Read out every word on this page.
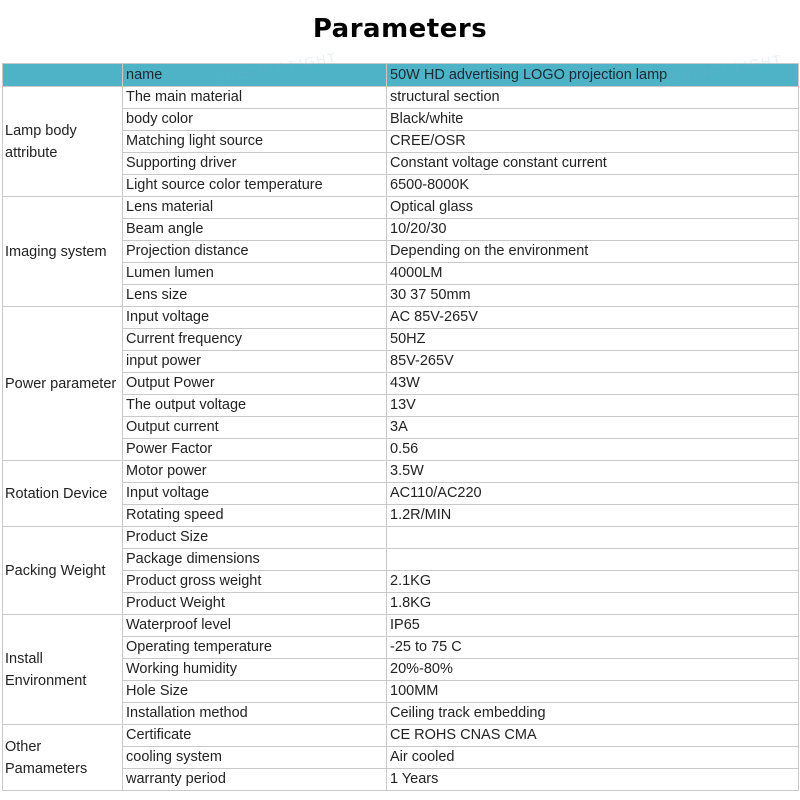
Parameters
	name	50W HD advertising LOGO projection lamp
Lamp body attribute	The main material	structural section
	body color	Black/white
	Matching light source	CREE/OSR
	Supporting driver	Constant voltage constant current
	Light source color temperature	6500-8000K
Imaging system	Lens material	Optical glass
	Beam angle	10/20/30
	Projection distance	Depending on the environment
	Lumen lumen	4000LM
	Lens size	30 37 50mm
Power parameter	Input voltage	AC 85V-265V
	Current frequency	50HZ
	input power	85V-265V
	Output Power	43W
	The output voltage	13V
	Output current	3A
	Power Factor	0.56
Rotation Device	Motor power	3.5W
	Input voltage	AC110/AC220
	Rotating speed	1.2R/MIN
Packing Weight	Product Size	
	Package dimensions	
	Product gross weight	2.1KG
	Product Weight	1.8KG
Install Environment	Waterproof level	IP65
	Operating temperature	-25 to 75 C
	Working humidity	20%-80%
	Hole Size	100MM
	Installation method	Ceiling track embedding
Other Pamameters	Certificate	CE ROHS CNAS CMA
	cooling system	Air cooled
	warranty period	1 Years
